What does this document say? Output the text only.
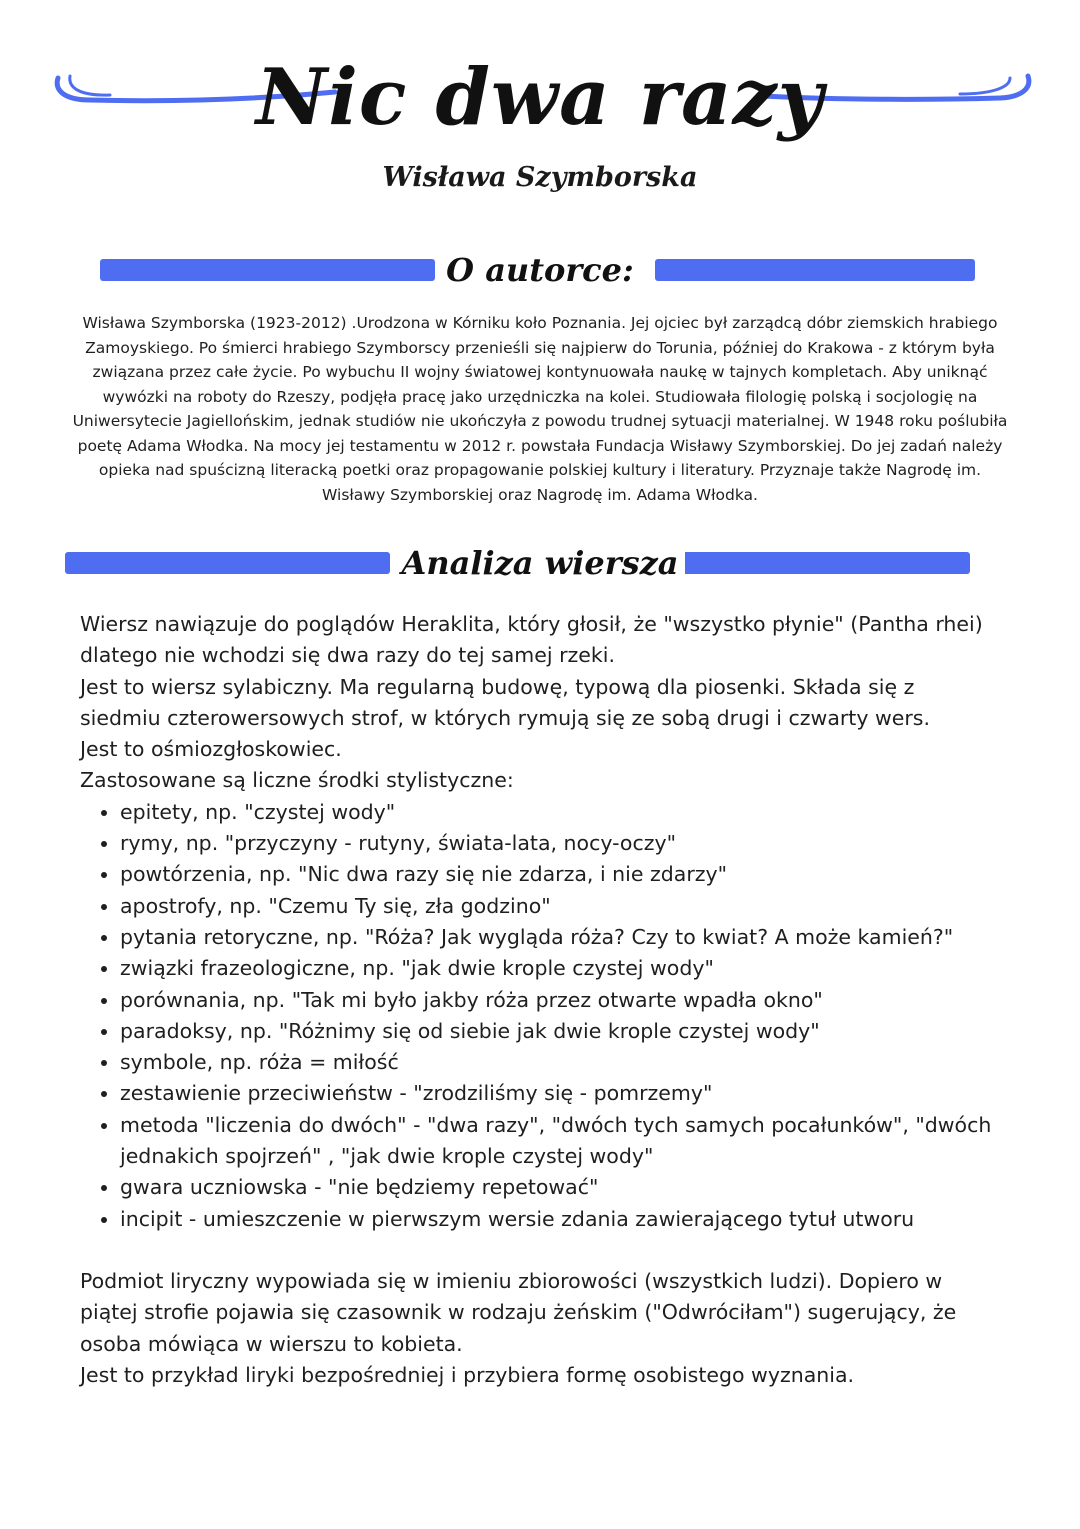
Nic dwa razy
Wisława Szymborska
O autorce:

Wisława Szymborska (1923-2012) .Urodzona w Kórniku koło Poznania. Jej ojciec był zarządcą dóbr ziemskich hrabiego Zamoyskiego. Po śmierci hrabiego Szymborscy przenieśli się najpierw do Torunia, później do Krakowa - z którym była związana przez całe życie. Po wybuchu II wojny światowej kontynuowała naukę w tajnych kompletach. Aby uniknąć wywózki na roboty do Rzeszy, podjęła pracę jako urzędniczka na kolei. Studiowała filologię polską i socjologię na Uniwersytecie Jagiellońskim, jednak studiów nie ukończyła z powodu trudnej sytuacji materialnej. W 1948 roku poślubiła poetę Adama Włodka. Na mocy jej testamentu w 2012 r. powstała Fundacja Wisławy Szymborskiej. Do jej zadań należy opieka nad spuścizną literacką poetki oraz propagowanie polskiej kultury i literatury. Przyznaje także Nagrodę im. Wisławy Szymborskiej oraz Nagrodę im. Adama Włodka.

Analiza wiersza

Wiersz nawiązuje do poglądów Heraklita, który głosił, że "wszystko płynie" (Pantha rhei) dlatego nie wchodzi się dwa razy do tej samej rzeki.

Jest to wiersz sylabiczny. Ma regularną budowę, typową dla piosenki. Składa się z siedmiu czterowersowych strof, w których rymują się ze sobą drugi i czwarty wers.

Jest to ośmiozgłoskowiec.

Zastosowane są liczne środki stylistyczne:

• epitety, np. "czystej wody"
• rymy, np. "przyczyny - rutyny, świata-lata, nocy-oczy"
• powtórzenia, np. "Nic dwa razy się nie zdarza, i nie zdarzy"
• apostrofy, np. "Czemu Ty się, zła godzino"
• pytania retoryczne, np. "Róża? Jak wygląda róża? Czy to kwiat? A może kamień?"
• związki frazeologiczne, np. "jak dwie krople czystej wody"
• porównania, np. "Tak mi było jakby róża przez otwarte wpadła okno"
• paradoksy, np. "Różnimy się od siebie jak dwie krople czystej wody"
• symbole, np. róża = miłość
• zestawienie przeciwieństw - "zrodziliśmy się - pomrzemy"
• metoda "liczenia do dwóch" - "dwa razy", "dwóch tych samych pocałunków", "dwóch jednakich spojrzeń" , "jak dwie krople czystej wody"
• gwara uczniowska - "nie będziemy repetować"
• incipit - umieszczenie w pierwszym wersie zdania zawierającego tytuł utworu

Podmiot liryczny wypowiada się w imieniu zbiorowości (wszystkich ludzi). Dopiero w piątej strofie pojawia się czasownik w rodzaju żeńskim ("Odwróciłam") sugerujący, że osoba mówiąca w wierszu to kobieta.

Jest to przykład liryki bezpośredniej i przybiera formę osobistego wyznania.
